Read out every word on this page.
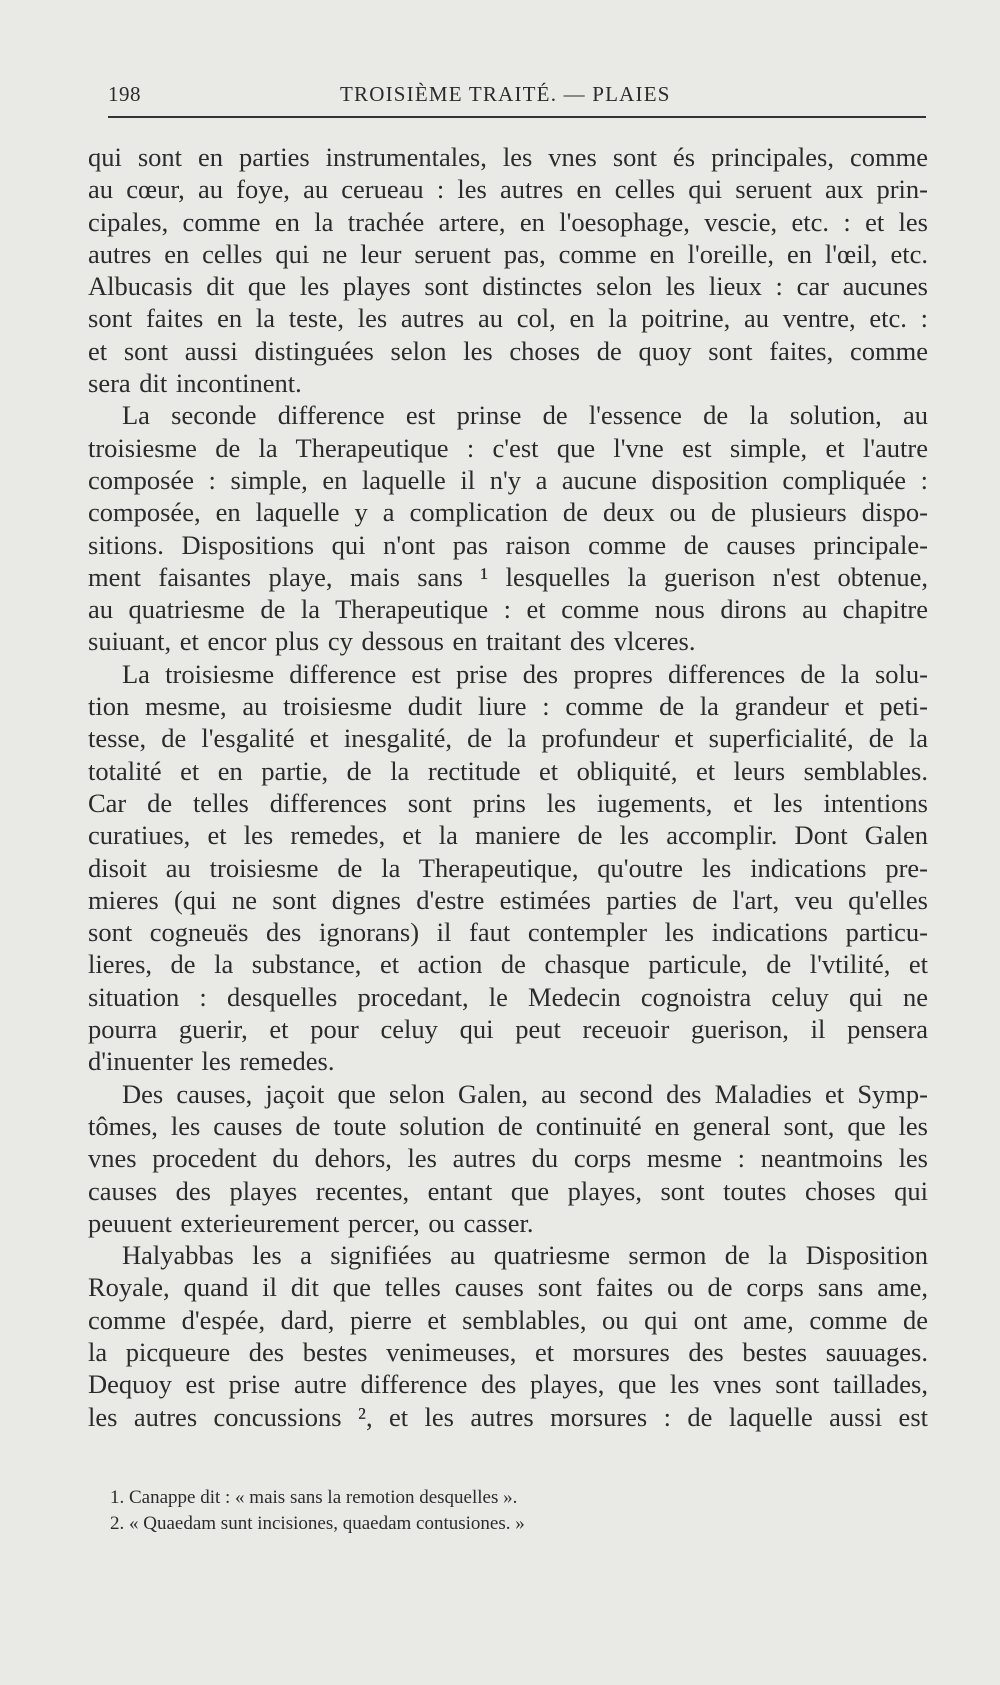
198	TROISIÈME TRAITÉ. — PLAIES
qui sont en parties instrumentales, les vnes sont és principales, comme
au cœur, au foye, au cerueau : les autres en celles qui seruent aux prin-
cipales, comme en la trachée artere, en l'oesophage, vescie, etc. : et les
autres en celles qui ne leur seruent pas, comme en l'oreille, en l'œil, etc.
Albucasis dit que les playes sont distinctes selon les lieux : car aucunes
sont faites en la teste, les autres au col, en la poitrine, au ventre, etc. :
et sont aussi distinguées selon les choses de quoy sont faites, comme
sera dit incontinent.
La seconde difference est prinse de l'essence de la solution, au
troisiesme de la Therapeutique : c'est que l'vne est simple, et l'autre
composée : simple, en laquelle il n'y a aucune disposition compliquée :
composée, en laquelle y a complication de deux ou de plusieurs dispo-
sitions. Dispositions qui n'ont pas raison comme de causes principale-
ment faisantes playe, mais sans ¹ lesquelles la guerison n'est obtenue,
au quatriesme de la Therapeutique : et comme nous dirons au chapitre
suiuant, et encor plus cy dessous en traitant des vlceres.
La troisiesme difference est prise des propres differences de la solu-
tion mesme, au troisiesme dudit liure : comme de la grandeur et peti-
tesse, de l'esgalité et inesgalité, de la profundeur et superficialité, de la
totalité et en partie, de la rectitude et obliquité, et leurs semblables.
Car de telles differences sont prins les iugements, et les intentions
curatiues, et les remedes, et la maniere de les accomplir. Dont Galen
disoit au troisiesme de la Therapeutique, qu'outre les indications pre-
mieres (qui ne sont dignes d'estre estimées parties de l'art, veu qu'elles
sont cogneuës des ignorans) il faut contempler les indications particu-
lieres, de la substance, et action de chasque particule, de l'vtilité, et
situation : desquelles procedant, le Medecin cognoistra celuy qui ne
pourra guerir, et pour celuy qui peut receuoir guerison, il pensera
d'inuenter les remedes.
Des causes, jaçoit que selon Galen, au second des Maladies et Symp-
tômes, les causes de toute solution de continuité en general sont, que les
vnes procedent du dehors, les autres du corps mesme : neantmoins les
causes des playes recentes, entant que playes, sont toutes choses qui
peuuent exterieurement percer, ou casser.
Halyabbas les a signifiées au quatriesme sermon de la Disposition
Royale, quand il dit que telles causes sont faites ou de corps sans ame,
comme d'espée, dard, pierre et semblables, ou qui ont ame, comme de
la picqueure des bestes venimeuses, et morsures des bestes sauuages.
Dequoy est prise autre difference des playes, que les vnes sont taillades,
les autres concussions ², et les autres morsures : de laquelle aussi est
1. Canappe dit : « mais sans la remotion desquelles ».
2. « Quaedam sunt incisiones, quaedam contusiones. »
